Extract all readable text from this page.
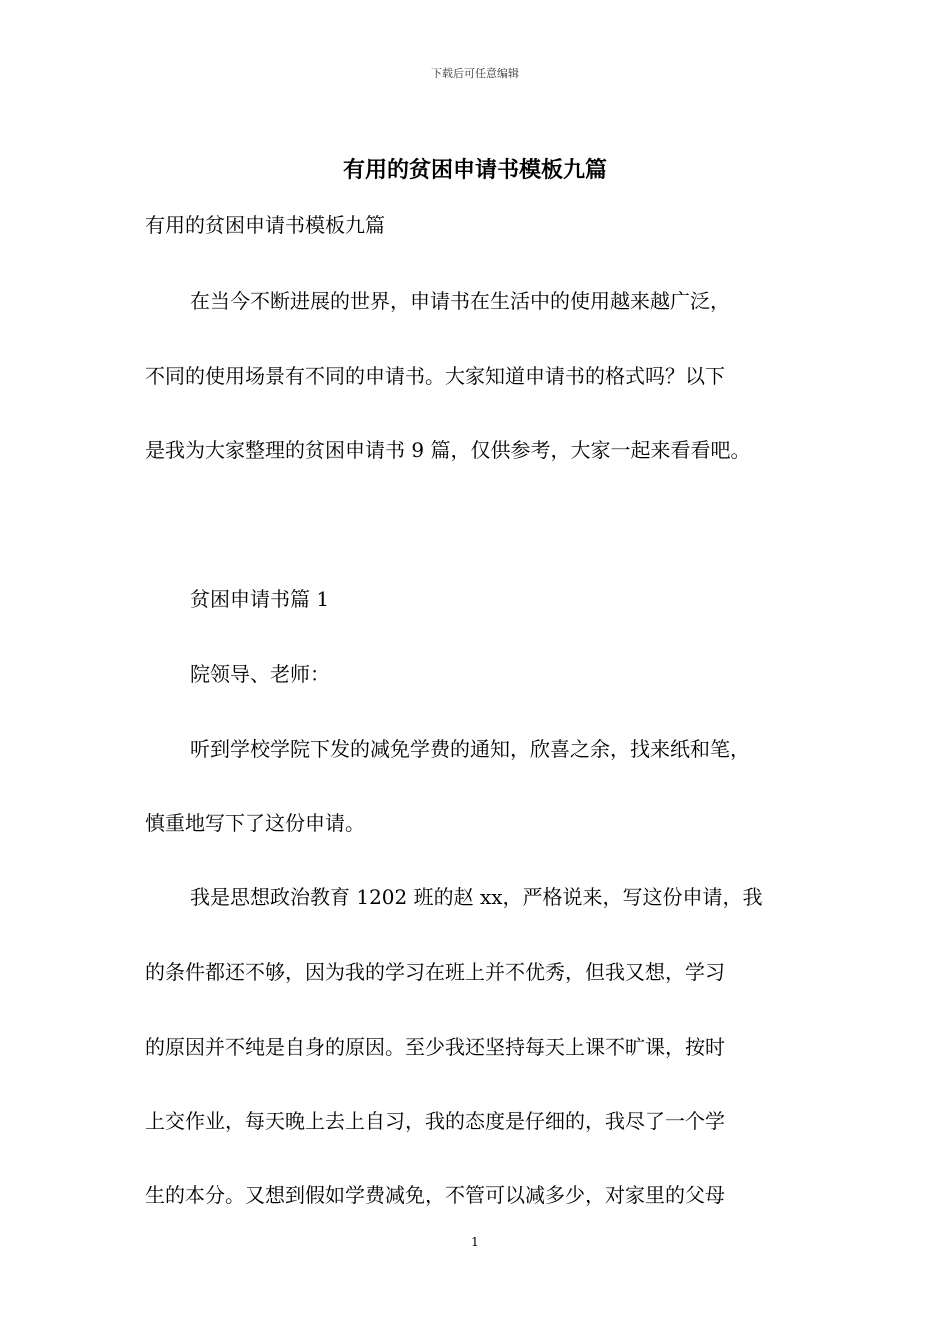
下载后可任意编辑
有用的贫困申请书模板九篇

有用的贫困申请书模板九篇

在当今不断进展的世界，申请书在生活中的使用越来越广泛，

不同的使用场景有不同的申请书。大家知道申请书的格式吗？以下

是我为大家整理的贫困申请书 9 篇，仅供参考，大家一起来看看吧。

贫困申请书篇 1

院领导、老师：

听到学校学院下发的减免学费的通知，欣喜之余，找来纸和笔，

慎重地写下了这份申请。

我是思想政治教育 1202 班的赵 xx，严格说来，写这份申请，我

的条件都还不够，因为我的学习在班上并不优秀，但我又想，学习

的原因并不纯是自身的原因。至少我还坚持每天上课不旷课，按时

上交作业，每天晚上去上自习，我的态度是仔细的，我尽了一个学

生的本分。又想到假如学费减免，不管可以减多少，对家里的父母

1
